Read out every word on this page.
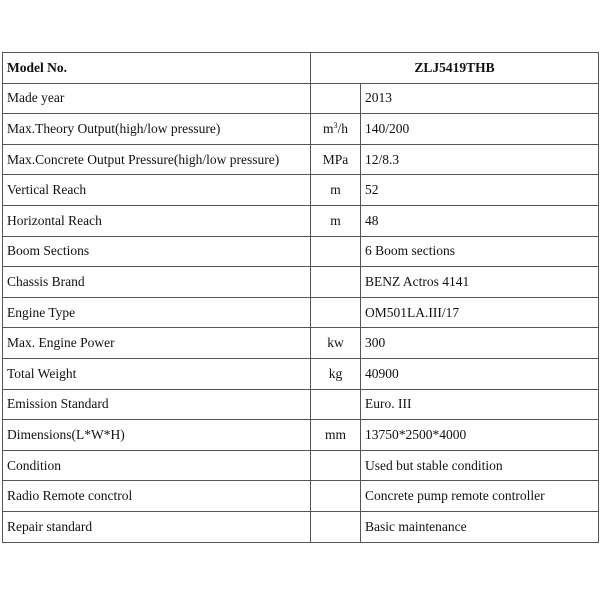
Model No.	ZLJ5419THB	
Made year		2013
Max.Theory Output(high/low pressure)	$m^3/h$	140/200
Max.Concrete Output Pressure(high/low pressure)	MPa	12/8.3
Vertical Reach	m	52
Horizontal Reach	m	48
Boom Sections		6 Boom sections
Chassis Brand		BENZ Actros 4141
Engine Type		OM501LA.III/17
Max. Engine Power	kw	300
Total Weight	kg	40900
Emission Standard		Euro. III
Dimensions(L*W*H)	mm	13750*2500*4000
Condition		Used but stable condition
Radio Remote conctrol		Concrete pump remote controller
Repair standard		Basic maintenance
